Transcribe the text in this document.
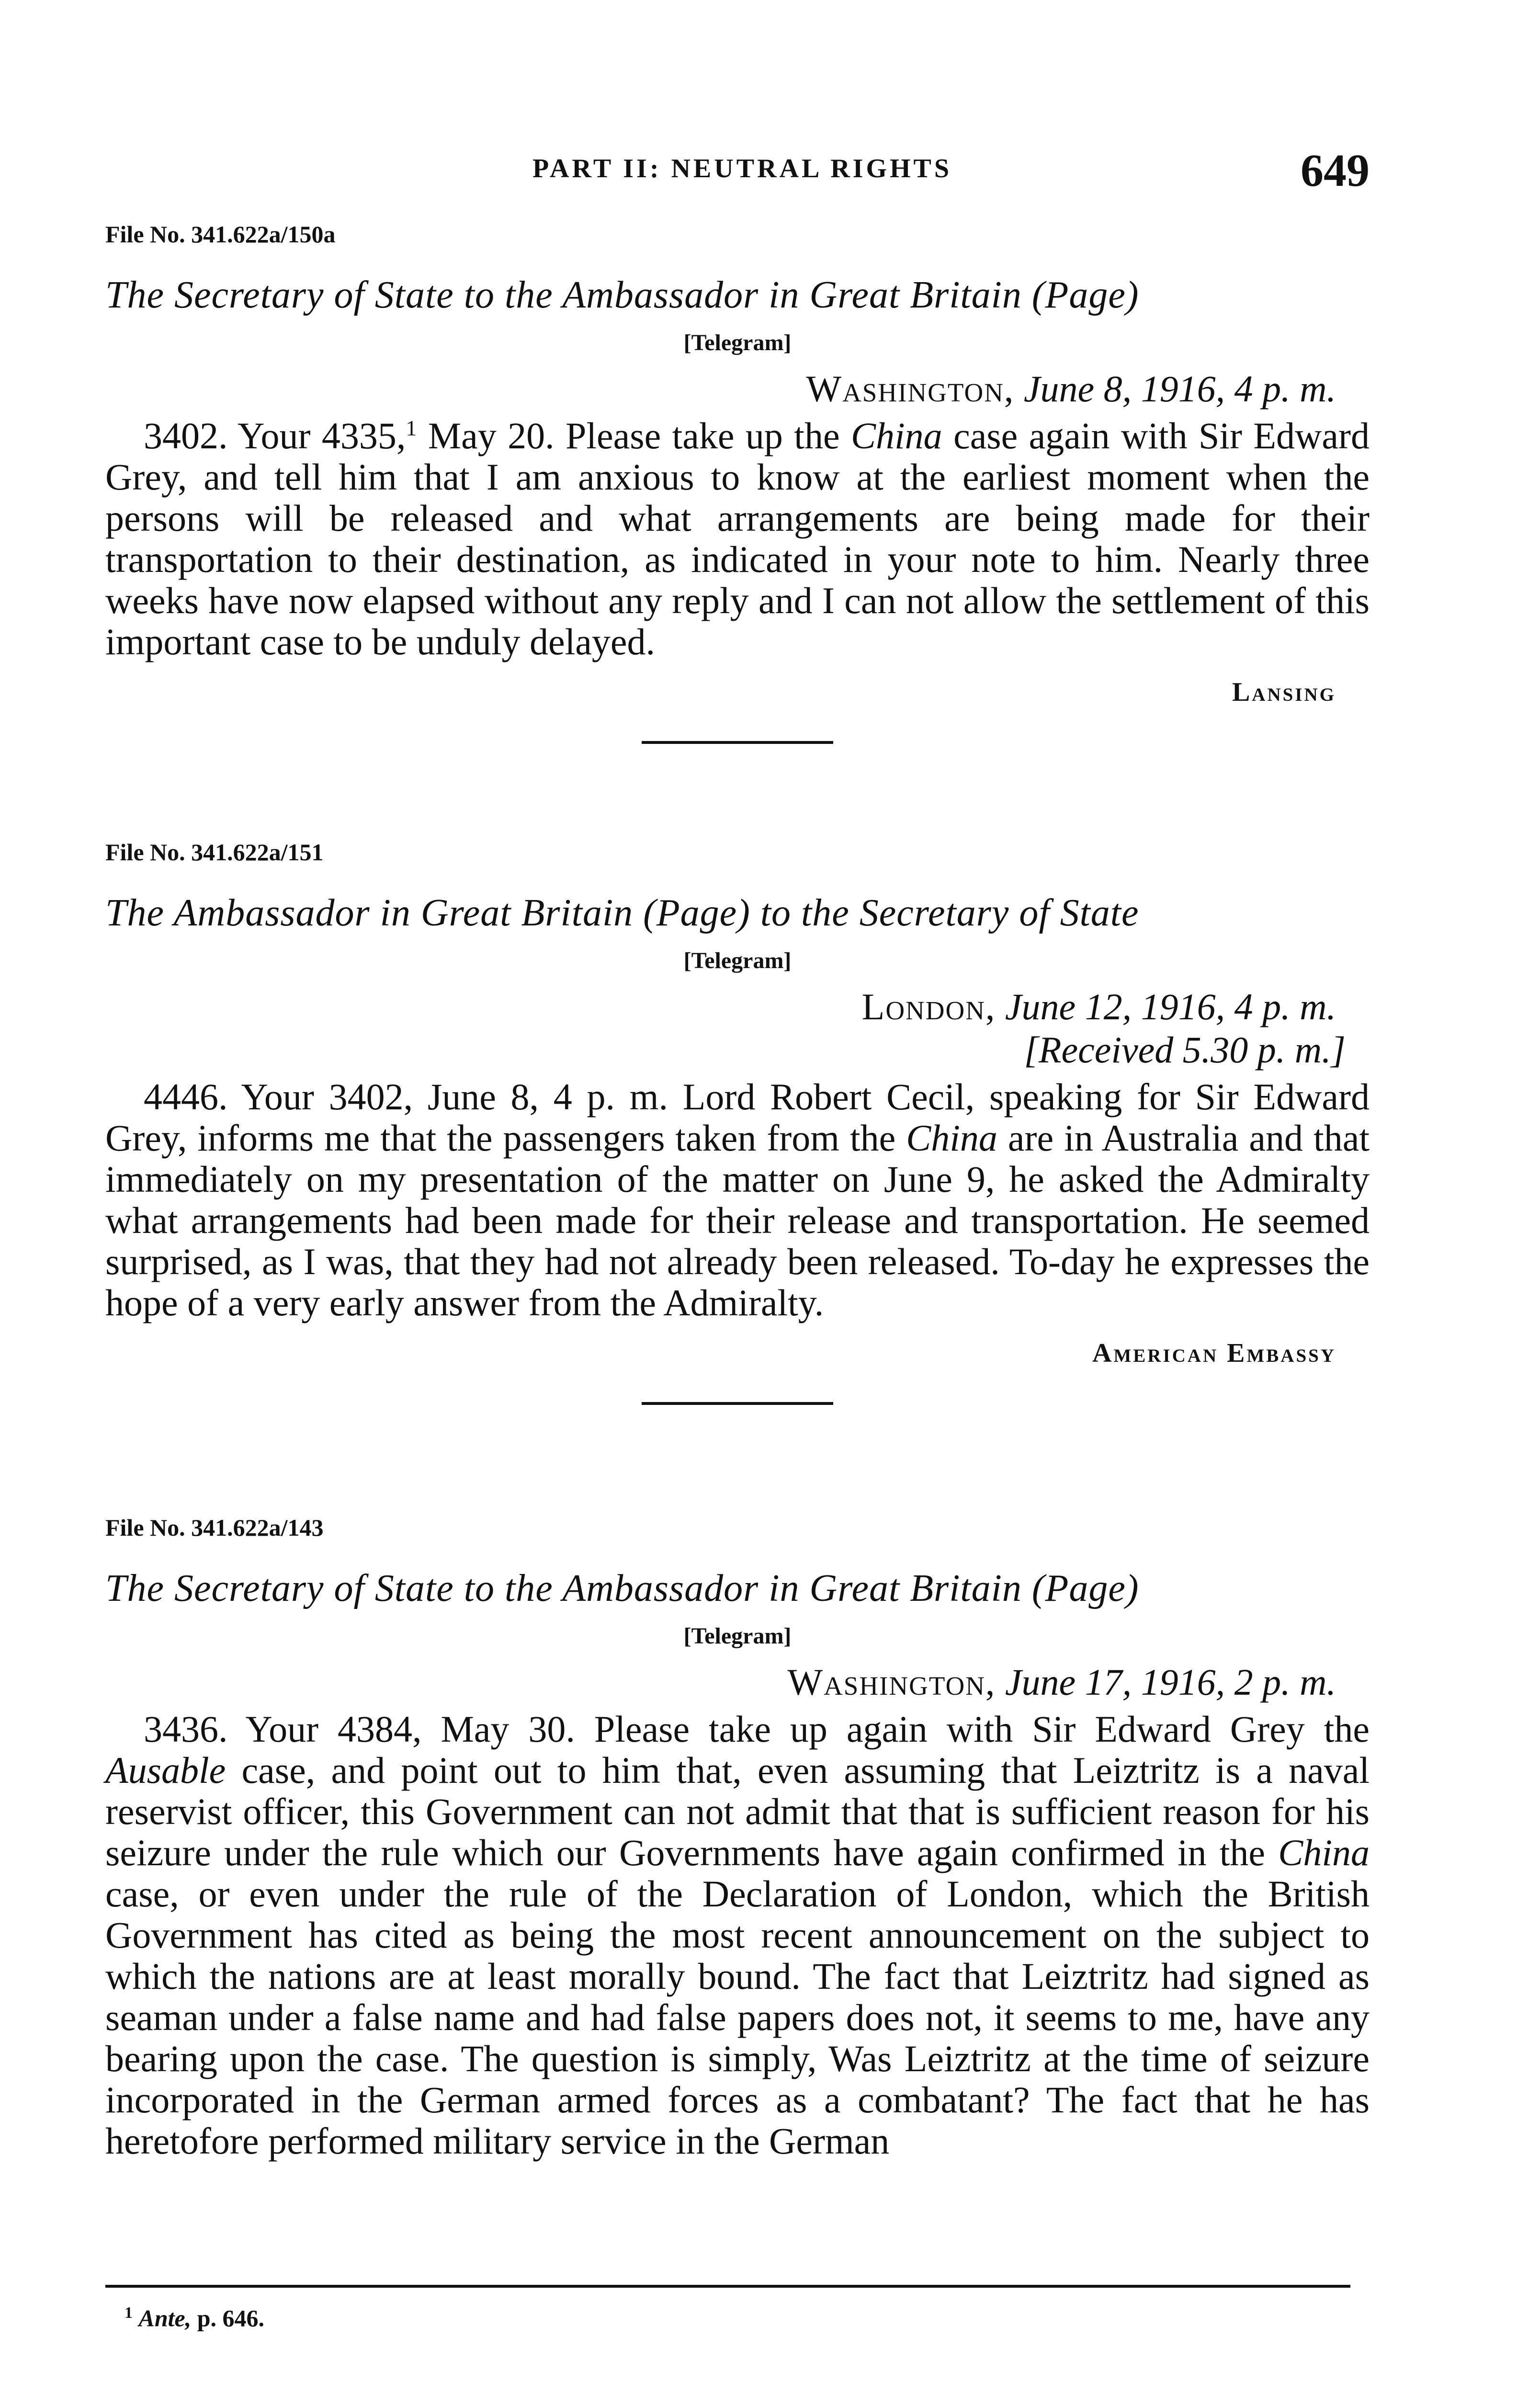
PART II: NEUTRAL RIGHTS	649

File No. 341.622a/150a

The Secretary of State to the Ambassador in Great Britain (Page)

[Telegram]

Washington, June 8, 1916, 4 p. m.

3402. Your 4335,$^1$ May 20. Please take up the China case again with Sir Edward Grey, and tell him that I am anxious to know at the earliest moment when the persons will be released and what arrangements are being made for their transportation to their destination, as indicated in your note to him. Nearly three weeks have now elapsed without any reply and I can not allow the settlement of this important case to be unduly delayed.

Lansing

File No. 341.622a/151

The Ambassador in Great Britain (Page) to the Secretary of State

[Telegram]

London, June 12, 1916, 4 p. m.

[Received 5.30 p. m.]

4446. Your 3402, June 8, 4 p. m. Lord Robert Cecil, speaking for Sir Edward Grey, informs me that the passengers taken from the China are in Australia and that immediately on my presentation of the matter on June 9, he asked the Admiralty what arrangements had been made for their release and transportation. He seemed surprised, as I was, that they had not already been released. To-day he expresses the hope of a very early answer from the Admiralty.

American Embassy

File No. 341.622a/143

The Secretary of State to the Ambassador in Great Britain (Page)

[Telegram]

Washington, June 17, 1916, 2 p. m.

3436. Your 4384, May 30. Please take up again with Sir Edward Grey the Ausable case, and point out to him that, even assuming that Leiztritz is a naval reservist officer, this Government can not admit that that is sufficient reason for his seizure under the rule which our Governments have again confirmed in the China case, or even under the rule of the Declaration of London, which the British Government has cited as being the most recent announcement on the subject to which the nations are at least morally bound. The fact that Leiztritz had signed as seaman under a false name and had false papers does not, it seems to me, have any bearing upon the case. The question is simply, Was Leiztritz at the time of seizure incorporated in the German armed forces as a combatant? The fact that he has heretofore performed military service in the German

$^1$ Ante, p. 646.
